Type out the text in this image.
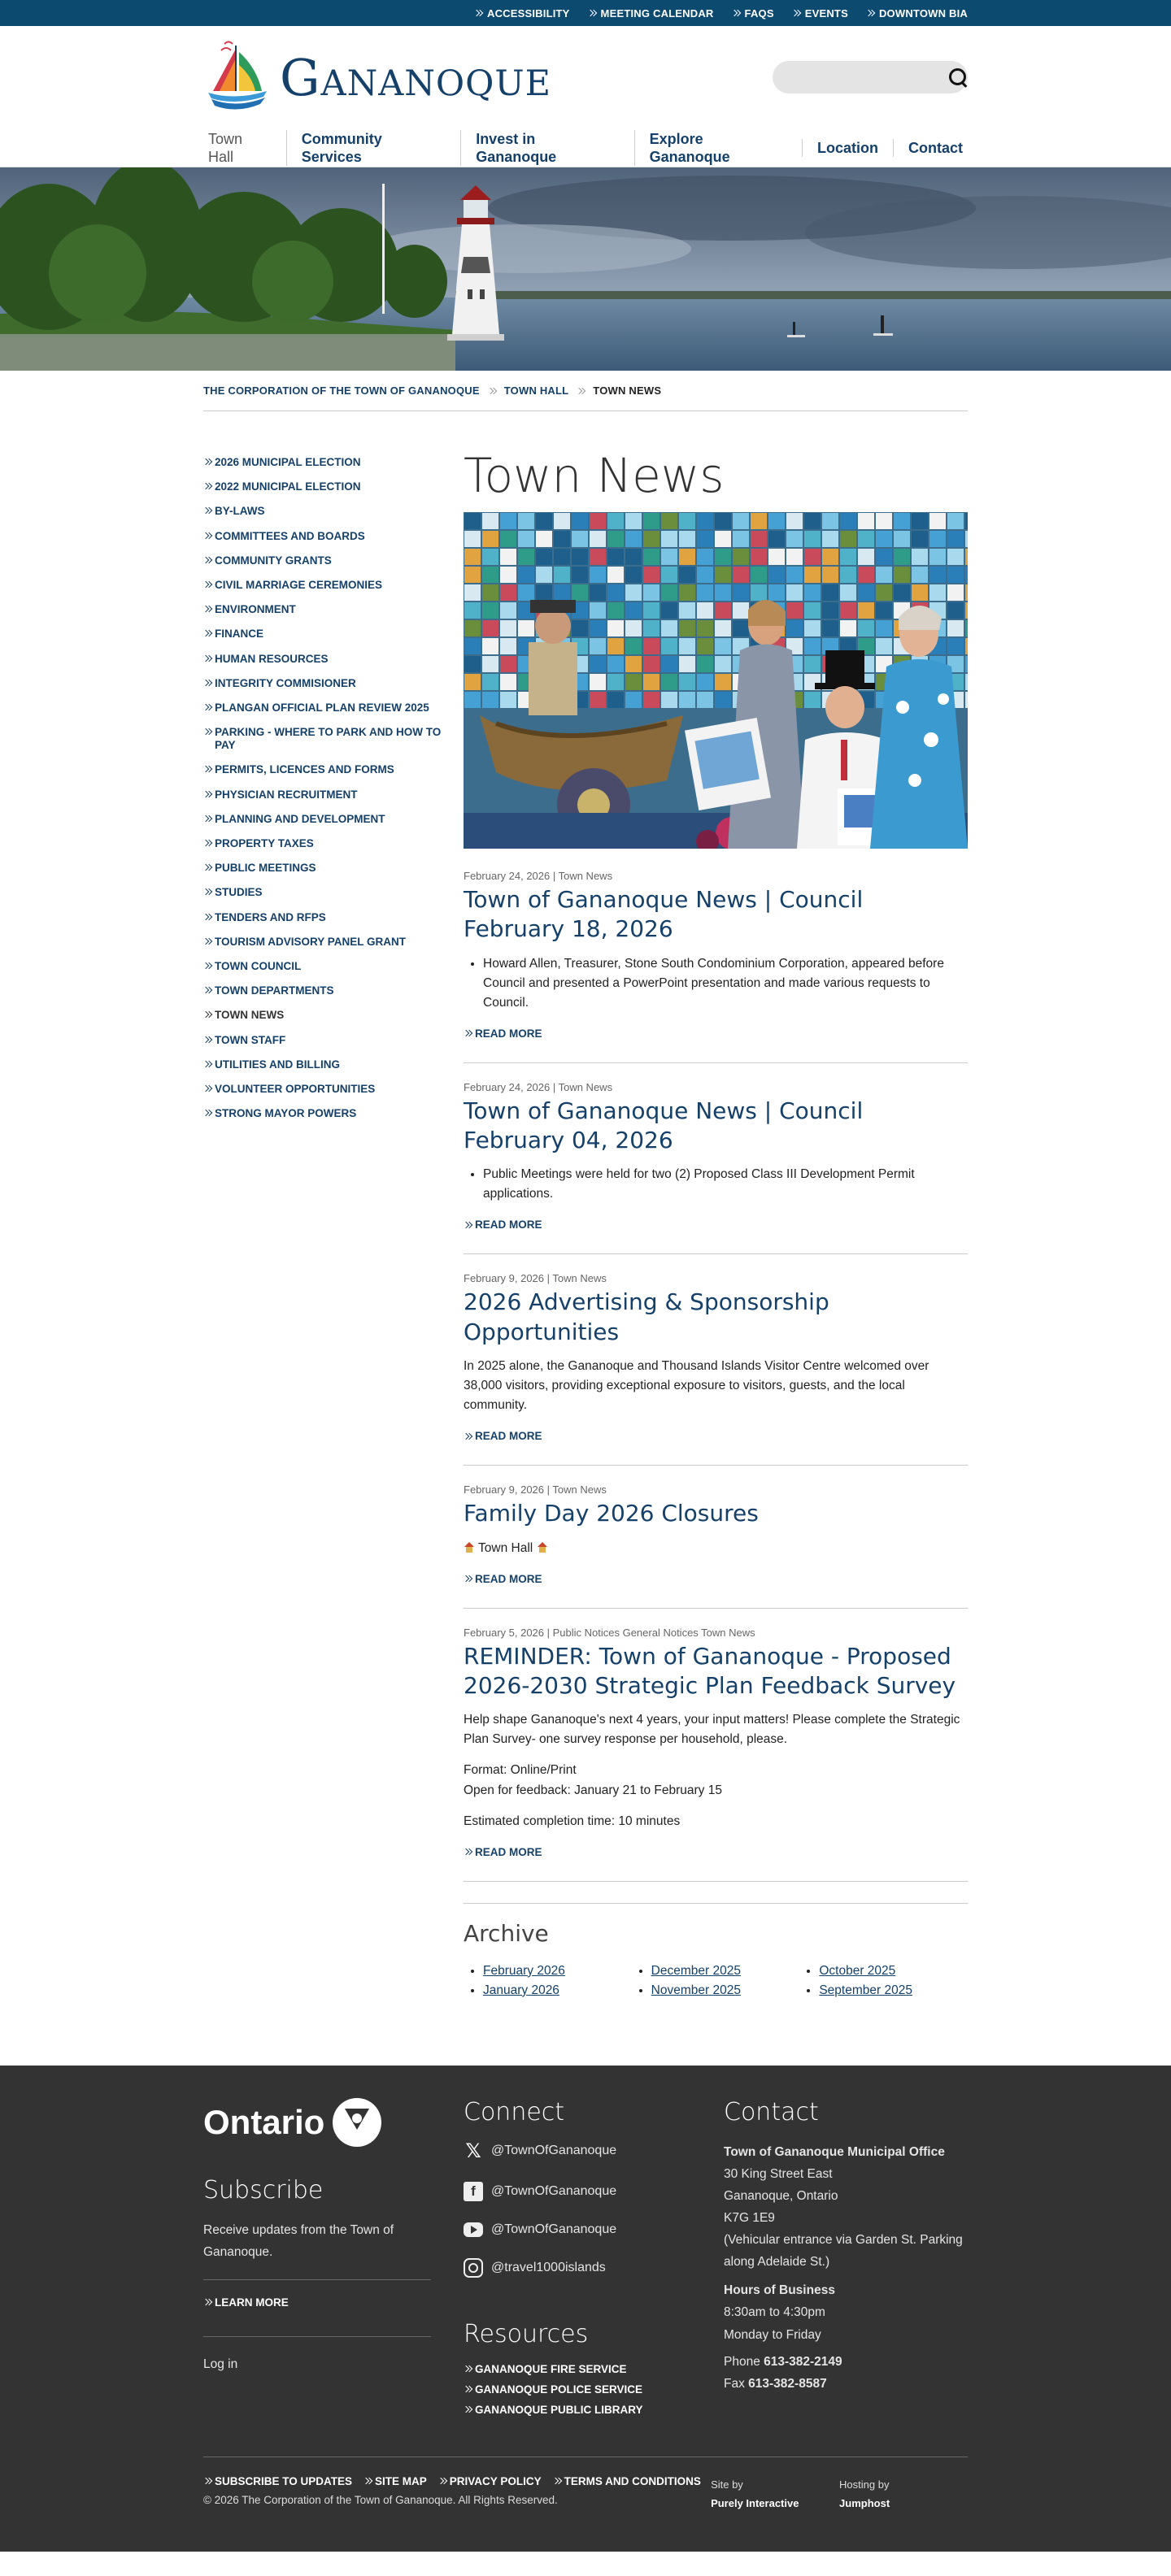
ACCESSIBILITY	MEETING CALENDAR	FAQS	EVENTS	DOWNTOWN BIA
Gananoque
Town Hall
Community Services
Invest in Gananoque
Explore Gananoque
Location	Contact
THE CORPORATION OF THE TOWN OF GANANOQUE TOWN HALL TOWN NEWS
2026 MUNICIPAL ELECTION
2022 MUNICIPAL ELECTION
BY-LAWS
COMMITTEES AND BOARDS
COMMUNITY GRANTS
CIVIL MARRIAGE CEREMONIES
ENVIRONMENT
FINANCE
HUMAN RESOURCES
INTEGRITY COMMISIONER
PLANGAN OFFICIAL PLAN REVIEW 2025
PARKING - WHERE TO PARK AND HOW TO PAY
PERMITS, LICENCES AND FORMS
PHYSICIAN RECRUITMENT
PLANNING AND DEVELOPMENT
PROPERTY TAXES
PUBLIC MEETINGS
STUDIES
TENDERS AND RFPS
TOURISM ADVISORY PANEL GRANT
TOWN COUNCIL
TOWN DEPARTMENTS
TOWN NEWS
TOWN STAFF
UTILITIES AND BILLING
VOLUNTEER OPPORTUNITIES
STRONG MAYOR POWERS
Town News
February 24, 2026 | Town News
Town of Gananoque News | Council February 18, 2026
• Howard Allen, Treasurer, Stone South Condominium Corporation, appeared before Council and presented a PowerPoint presentation and made various requests to Council.
READ MORE
February 24, 2026 | Town News
Town of Gananoque News | Council February 04, 2026
• Public Meetings were held for two (2) Proposed Class III Development Permit applications.
READ MORE
February 9, 2026 | Town News
2026 Advertising & Sponsorship Opportunities

In 2025 alone, the Gananoque and Thousand Islands Visitor Centre welcomed over 38,000 visitors, providing exceptional exposure to visitors, guests, and the local community.

READ MORE
February 9, 2026 | Town News
Family Day 2026 Closures

Town Hall

READ MORE
February 5, 2026 | Public Notices General Notices Town News
REMINDER: Town of Gananoque - Proposed 2026-2030 Strategic Plan Feedback Survey

Help shape Gananoque's next 4 years, your input matters! Please complete the Strategic Plan Survey- one survey response per household, please.

Format: Online/Print

Open for feedback: January 21 to February 15

Estimated completion time: 10 minutes

READ MORE
Archive
• February 2026
• January 2026
• December 2025
• November 2025
• October 2025
• September 2025
Ontario
Subscribe

Receive updates from the Town of Gananoque.

LEARN MORE
Log in
Connect
𝕏 @TownOfGananoque
f	@TownOfGananoque
@TownOfGananoque
@travel1000islands
Resources
GANANOQUE FIRE SERVICE
GANANOQUE POLICE SERVICE
GANANOQUE PUBLIC LIBRARY
Contact

Town of Gananoque Municipal Office

30 King Street East

Gananoque, Ontario

K7G 1E9

(Vehicular entrance via Garden St. Parking along Adelaide St.)

Hours of Business

8:30am to 4:30pm

Monday to Friday

Phone 613-382-2149

Fax 613-382-8587

SUBSCRIBE TO UPDATES SITE MAP PRIVACY POLICY TERMS AND CONDITIONS
© 2026 The Corporation of the Town of Gananoque. All Rights Reserved.
Site by
Purely Interactive
Hosting by
Jumphost
